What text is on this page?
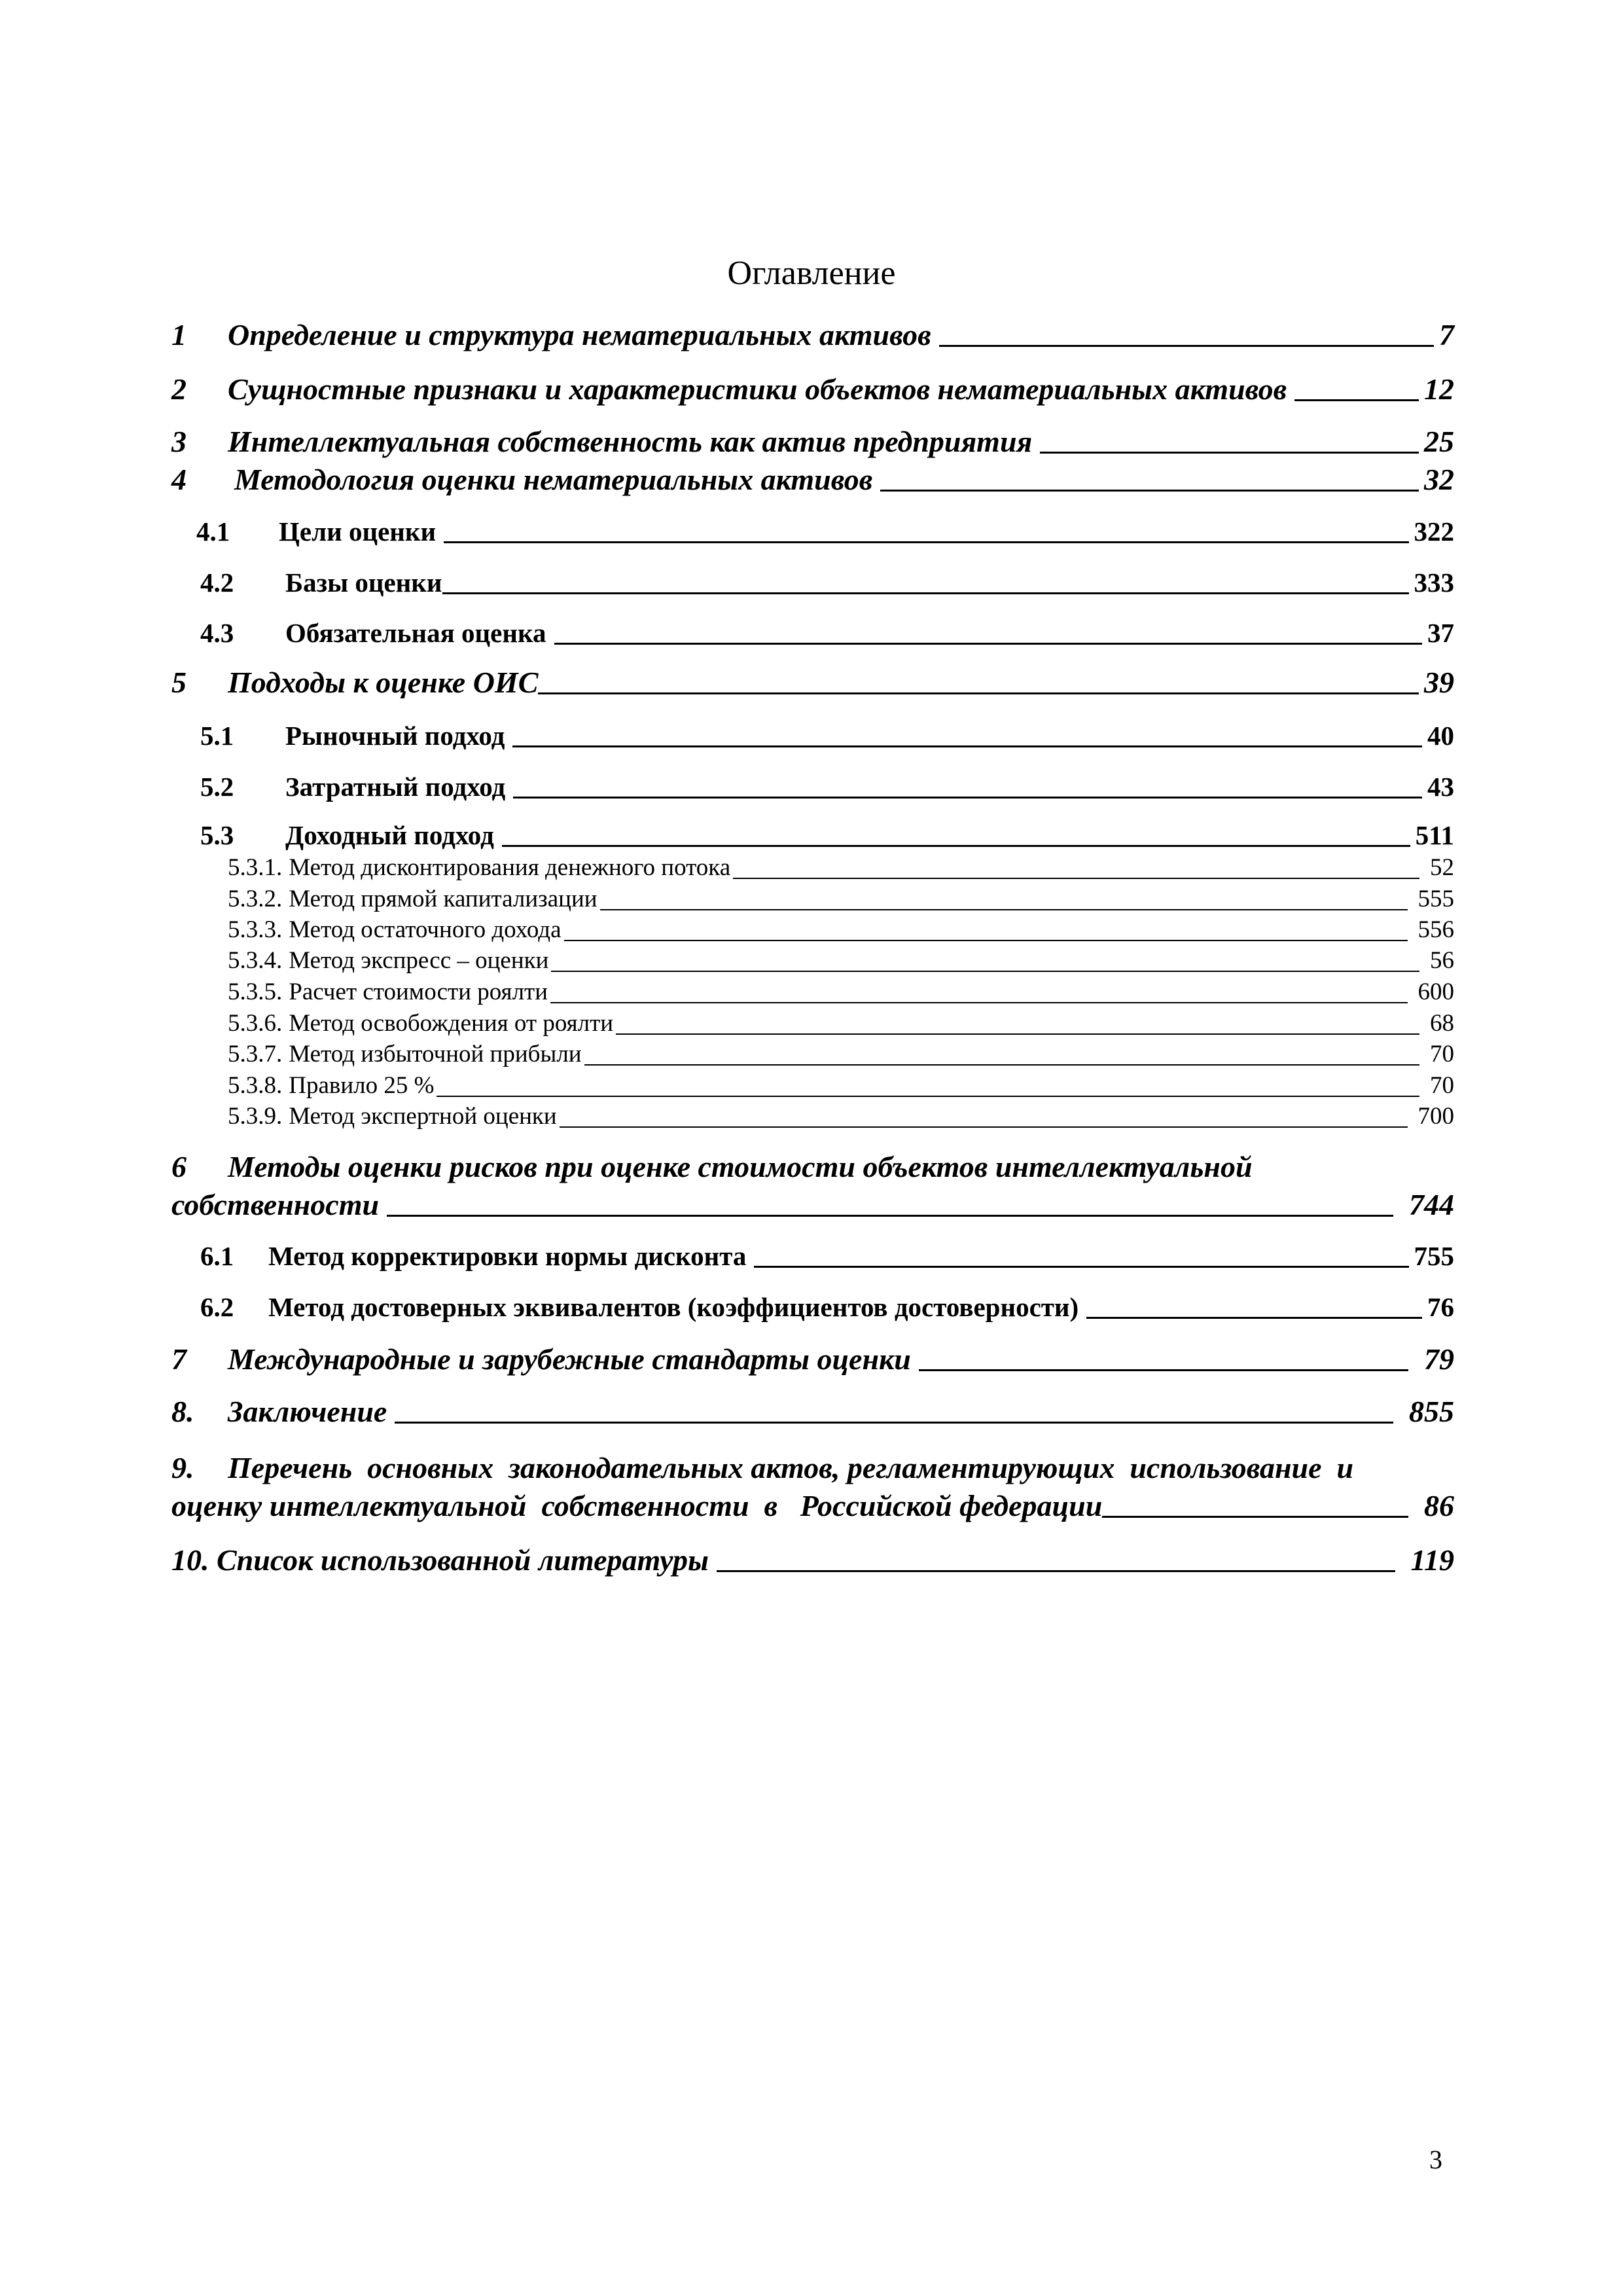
Оглавление
1	Определение и структура нематериальных активов	7
2	Сущностные признаки и характеристики объектов нематериальных активов	12
3	Интеллектуальная собственность как актив предприятия	25
4	Методология оценки нематериальных активов	32
4.1	Цели оценки	322
4.2	Базы оценки	333
4.3	Обязательная оценка	37
5	Подходы к оценке ОИС	39
5.1	Рыночный подход	40
5.2	Затратный подход	43
5.3	Доходный подход	511
5.3.1. Метод дисконтирования денежного потока	52
5.3.2. Метод прямой капитализации	555
5.3.3. Метод остаточного дохода	556
5.3.4. Метод экспресс – оценки	56
5.3.5. Расчет стоимости роялти	600
5.3.6. Метод освобождения от роялти	68
5.3.7. Метод избыточной прибыли	70
5.3.8. Правило 25 %	70
5.3.9. Метод экспертной оценки	700
6 Методы оценки рисков при оценке стоимости объектов интеллектуальной
собственности	744
6.1	Метод корректировки нормы дисконта	755
6.2	Метод достоверных эквивалентов (коэффициентов достоверности)	76
7	Международные и зарубежные стандарты оценки	79
8.	Заключение	855
9. Перечень  основных  законодательных актов, регламентирующих  использование  и
оценку интеллектуальной  собственности  в   Российской федерации	86
10. Список использованной литературы	119
3
